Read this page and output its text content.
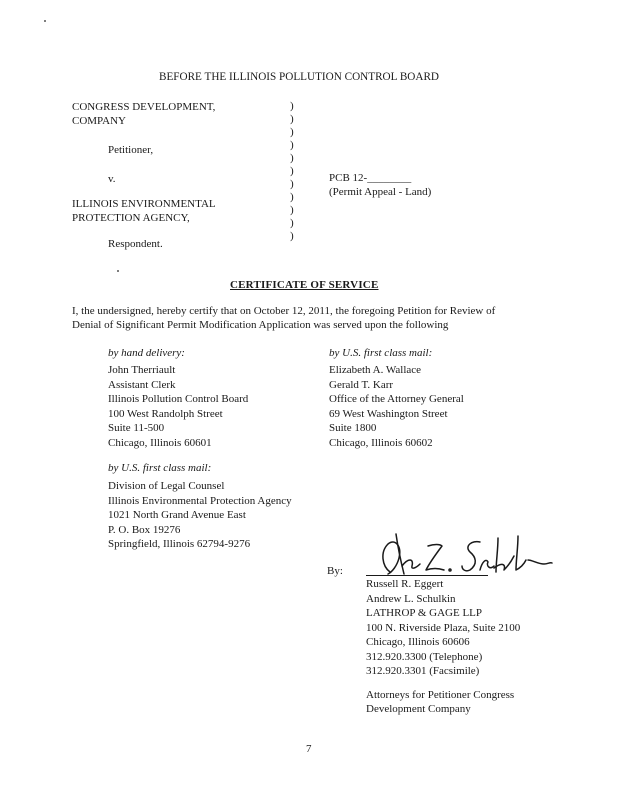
BEFORE THE ILLINOIS POLLUTION CONTROL BOARD
CONGRESS DEVELOPMENT,
COMPANY
Petitioner,
v.
ILLINOIS ENVIRONMENTAL
PROTECTION AGENCY,
Respondent.
)
)
)
)
)
)
)
)
)
)
)
PCB 12-________
(Permit Appeal - Land)
CERTIFICATE OF SERVICE
I, the undersigned, hereby certify that on October 12, 2011, the foregoing Petition for Review of
Denial of Significant Permit Modification Application was served upon the following
by hand delivery:
John Therriault
Assistant Clerk
Illinois Pollution Control Board
100 West Randolph Street
Suite 11-500
Chicago, Illinois 60601
by U.S. first class mail:
Elizabeth A. Wallace
Gerald T. Karr
Office of the Attorney General
69 West Washington Street
Suite 1800
Chicago, Illinois 60602
by U.S. first class mail:
Division of Legal Counsel
Illinois Environmental Protection Agency
1021 North Grand Avenue East
P. O. Box 19276
Springfield, Illinois 62794-9276
By:
Russell R. Eggert
Andrew L. Schulkin
LATHROP & GAGE LLP
100 N. Riverside Plaza, Suite 2100
Chicago, Illinois 60606
312.920.3300 (Telephone)
312.920.3301 (Facsimile)
Attorneys for Petitioner Congress
Development Company
7
